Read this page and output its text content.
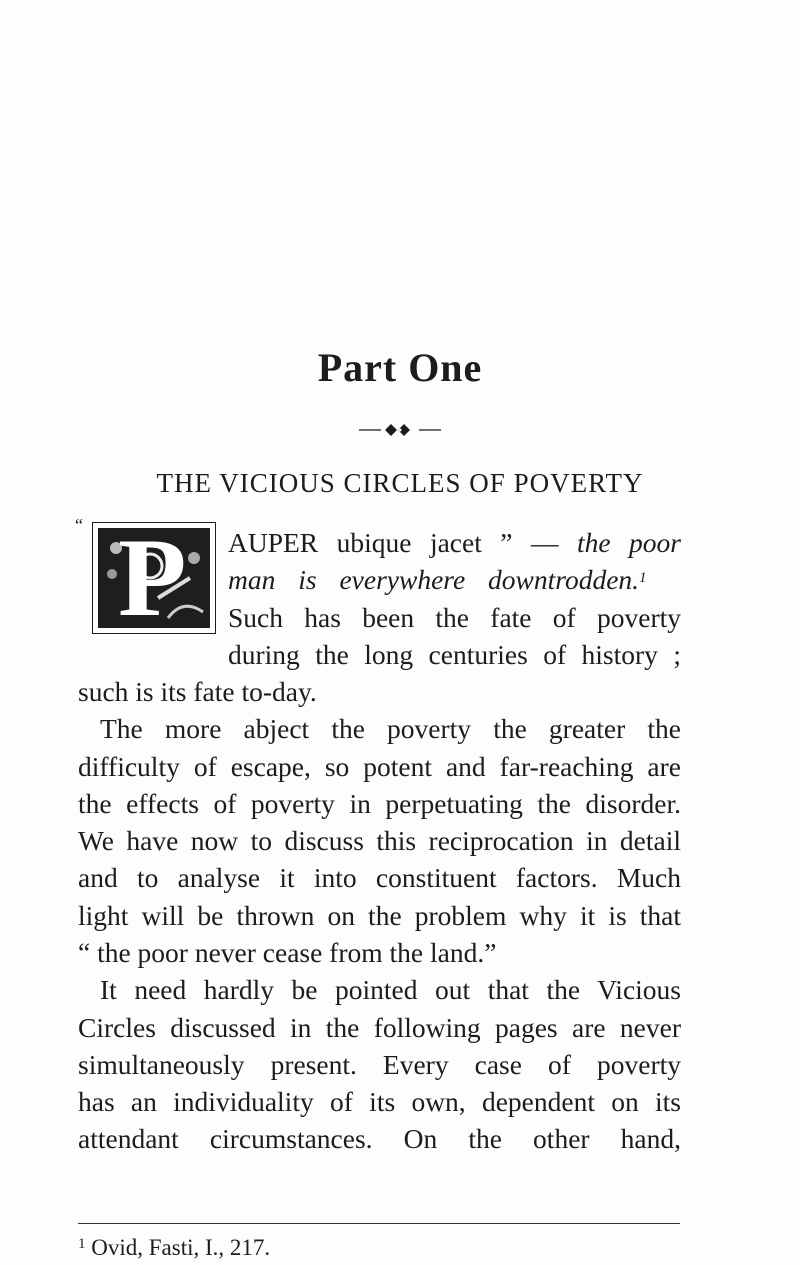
Part One
THE VICIOUS CIRCLES OF POVERTY
“ P AUPER ubique jacet ” — the poor
man is everywhere downtrodden.$^1$
Such has been the fate of poverty
during the long centuries of history ;
such is its fate to-day.
The more abject the poverty the greater the
difficulty of escape, so potent and far-reaching are
the effects of poverty in perpetuating the disorder.
We have now to discuss this reciprocation in detail
and to analyse it into constituent factors. Much
light will be thrown on the problem why it is that
“ the poor never cease from the land.”
It need hardly be pointed out that the Vicious
Circles discussed in the following pages are never
simultaneously present. Every case of poverty
has an individuality of its own, dependent on its
attendant circumstances. On the other hand,
$^1$ Ovid, Fasti, I., 217.
